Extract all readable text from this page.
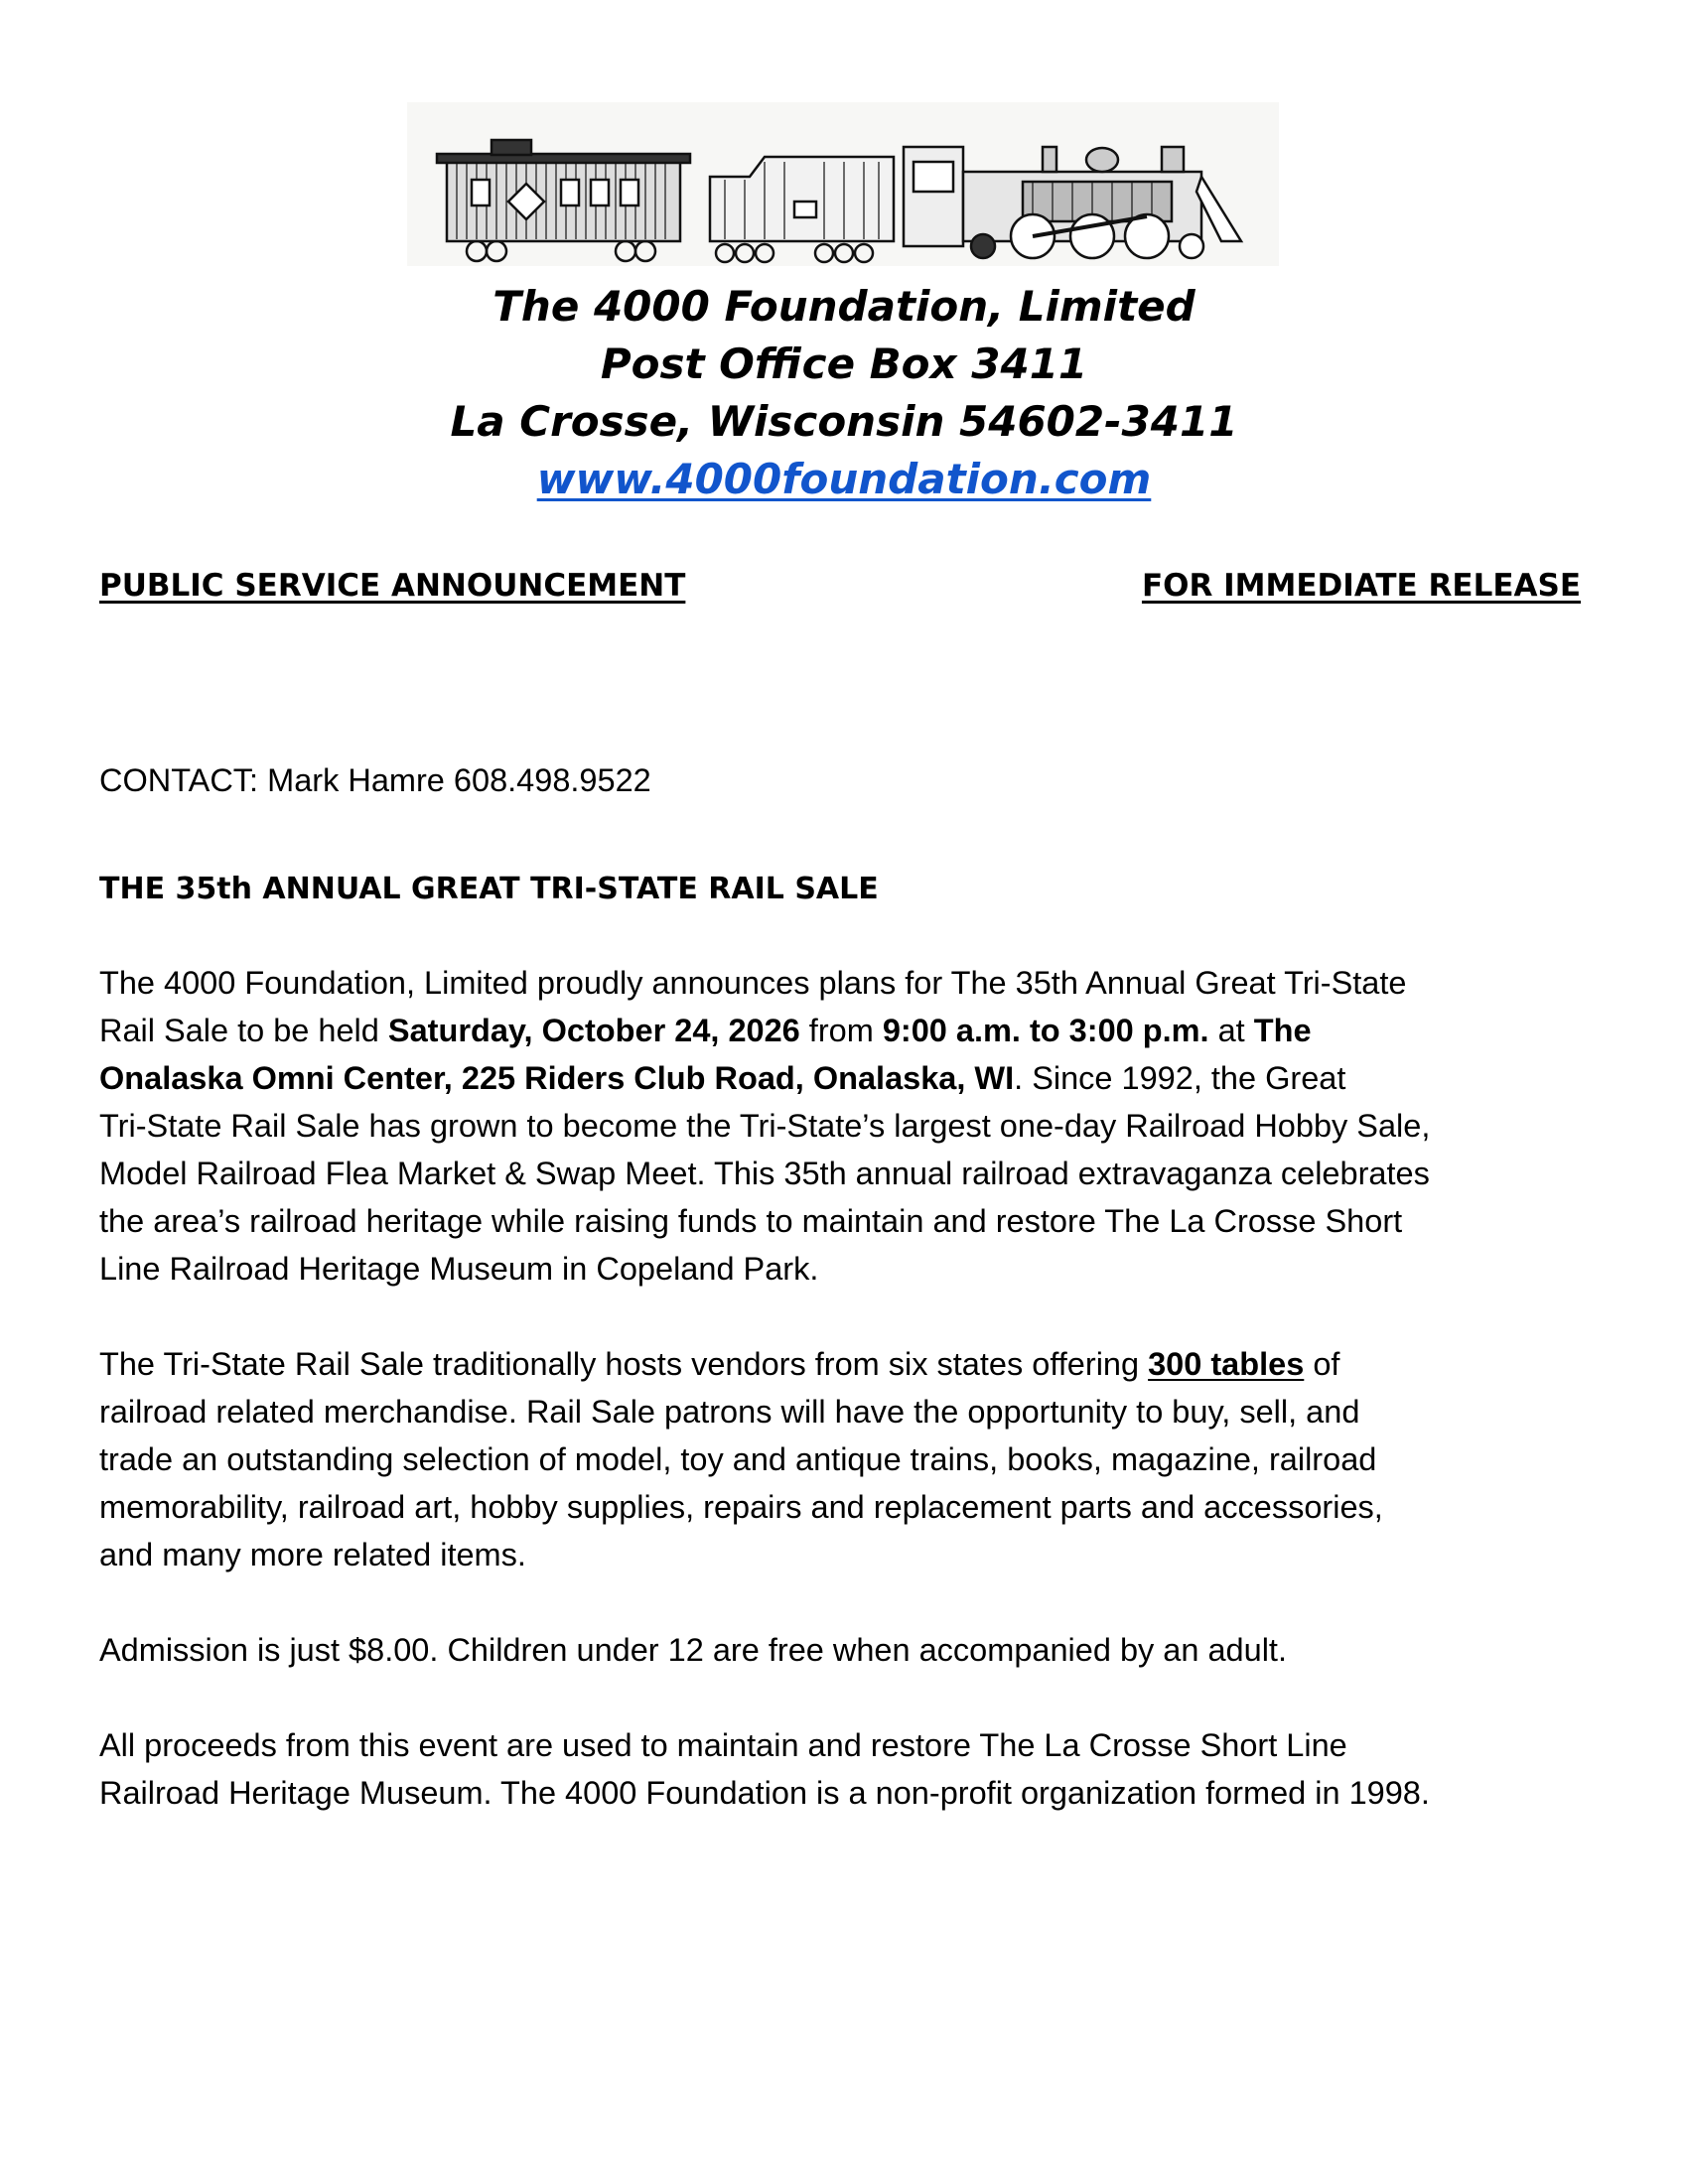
The 4000 Foundation, Limited
Post Office Box 3411
La Crosse, Wisconsin 54602-3411
www.4000foundation.com
PUBLIC SERVICE ANNOUNCEMENT	FOR IMMEDIATE RELEASE
CONTACT: Mark Hamre 608.498.9522
THE 35th ANNUAL GREAT TRI-STATE RAIL SALE
The 4000 Foundation, Limited proudly announces plans for The 35th Annual Great Tri-State
Rail Sale to be held Saturday, October 24, 2026 from 9:00 a.m. to 3:00 p.m. at The
Onalaska Omni Center, 225 Riders Club Road, Onalaska, WI. Since 1992, the Great
Tri-State Rail Sale has grown to become the Tri-State’s largest one-day Railroad Hobby Sale,
Model Railroad Flea Market & Swap Meet. This 35th annual railroad extravaganza celebrates
the area’s railroad heritage while raising funds to maintain and restore The La Crosse Short
Line Railroad Heritage Museum in Copeland Park.
The Tri-State Rail Sale traditionally hosts vendors from six states offering 300 tables of
railroad related merchandise. Rail Sale patrons will have the opportunity to buy, sell, and
trade an outstanding selection of model, toy and antique trains, books, magazine, railroad
memorability, railroad art, hobby supplies, repairs and replacement parts and accessories,
and many more related items.
Admission is just $8.00. Children under 12 are free when accompanied by an adult.
All proceeds from this event are used to maintain and restore The La Crosse Short Line
Railroad Heritage Museum. The 4000 Foundation is a non-profit organization formed in 1998.
